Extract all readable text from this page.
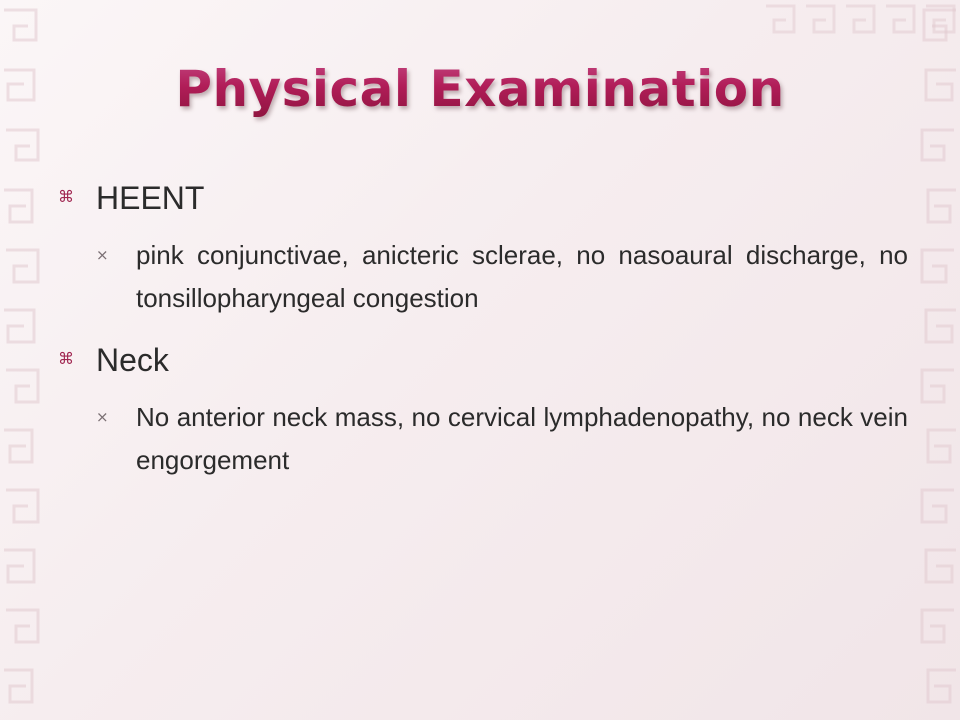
Physical Examination
⌘ HEENT
⨯ pink conjunctivae, anicteric sclerae, no nasoaural discharge, no tonsillopharyngeal congestion
⌘ Neck
⨯ No anterior neck mass, no cervical lymphadenopathy, no neck vein engorgement
